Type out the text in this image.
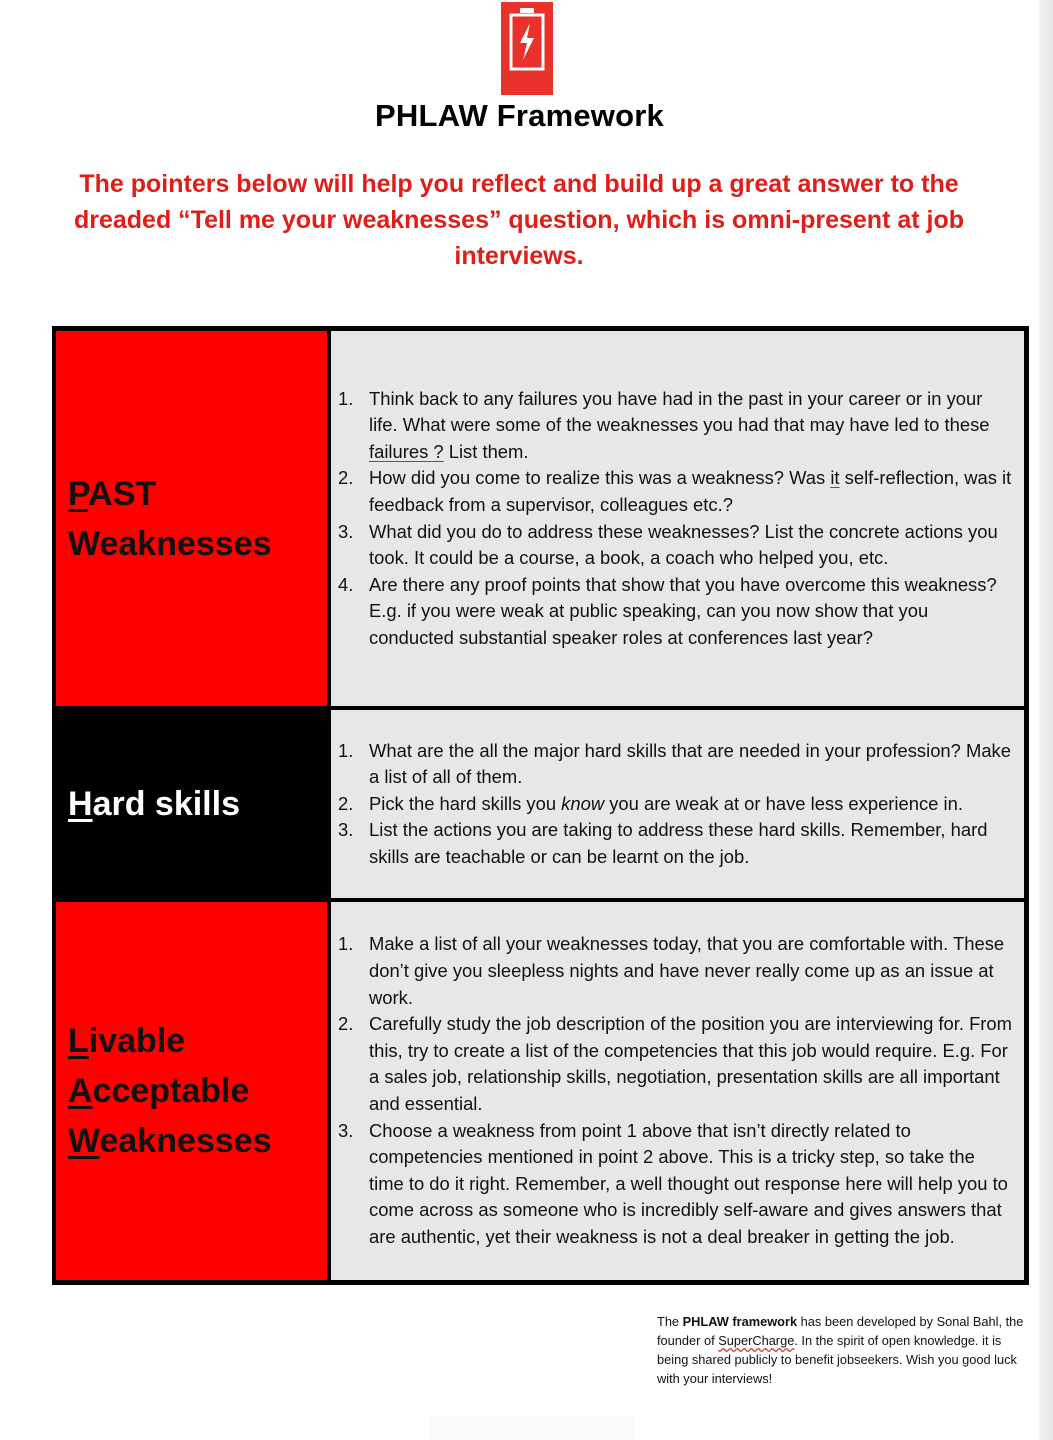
PHLAW Framework
The pointers below will help you reflect and build up a great answer to the dreaded “Tell me your weaknesses” question, which is omni-present at job interviews.
PAST
Weaknesses
1. Think back to any failures you have had in the past in your career or in your life. What were some of the weaknesses you had that may have led to these failures ? List them.
2. How did you come to realize this was a weakness? Was it self-reflection, was it feedback from a supervisor, colleagues etc.?
3. What did you do to address these weaknesses? List the concrete actions you took. It could be a course, a book, a coach who helped you, etc.
4. Are there any proof points that show that you have overcome this weakness? E.g. if you were weak at public speaking, can you now show that you conducted substantial speaker roles at conferences last year?
Hard skills
1. What are the all the major hard skills that are needed in your profession? Make a list of all of them.
2. Pick the hard skills you know you are weak at or have less experience in.
3. List the actions you are taking to address these hard skills. Remember, hard skills are teachable or can be learnt on the job.
Livable
Acceptable
Weaknesses
1. Make a list of all your weaknesses today, that you are comfortable with. These don’t give you sleepless nights and have never really come up as an issue at work.
2. Carefully study the job description of the position you are interviewing for. From this, try to create a list of the competencies that this job would require. E.g. For a sales job, relationship skills, negotiation, presentation skills are all important and essential.
3. Choose a weakness from point 1 above that isn’t directly related to competencies mentioned in point 2 above. This is a tricky step, so take the time to do it right. Remember, a well thought out response here will help you to come across as someone who is incredibly self-aware and gives answers that are authentic, yet their weakness is not a deal breaker in getting the job.
The PHLAW framework has been developed by Sonal Bahl, the founder of SuperCharge. In the spirit of open knowledge. it is being shared publicly to benefit jobseekers. Wish you good luck with your interviews!
